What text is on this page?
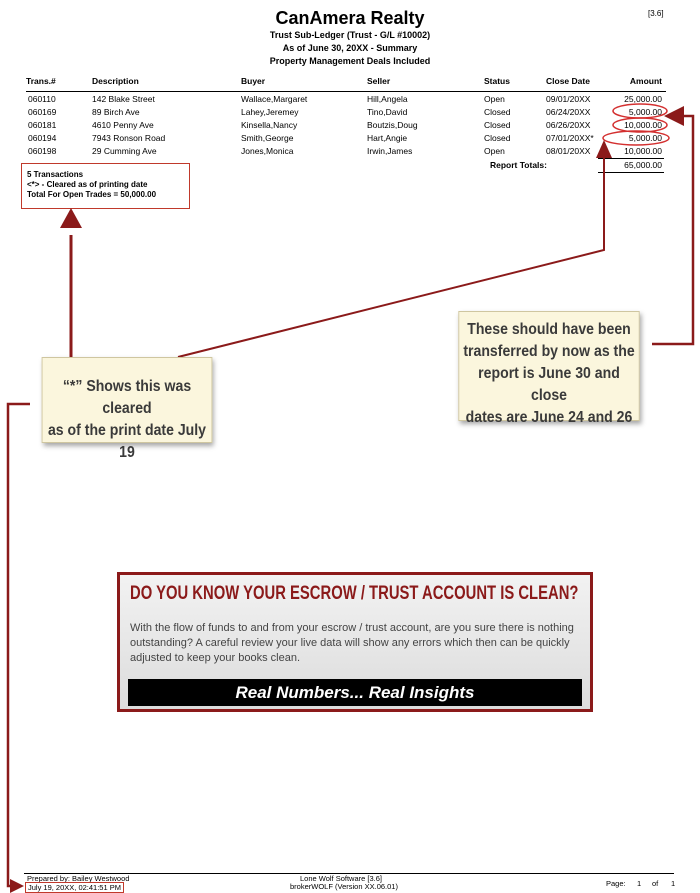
[3.6]
CanAmera Realty
Trust Sub-Ledger (Trust - G/L #10002)
As of June 30, 20XX - Summary
Property Management Deals Included
Trans.#	Description	Buyer	Seller	Status	Close Date	Amount
060110	142 Blake Street	Wallace,Margaret	Hill,Angela	Open	09/01/20XX	25,000.00
060169	89 Birch Ave	Lahey,Jeremey	Tino,David	Closed	06/24/20XX	5,000.00
060181	4610 Penny Ave	Kinsella,Nancy	Boutzis,Doug	Closed	06/26/20XX	10,000.00
060194	7943 Ronson Road	Smith,George	Hart,Angie	Closed	07/01/20XX*	5,000.00
060198	29 Cumming Ave	Jones,Monica	Irwin,James	Open	08/01/20XX	10,000.00
Report Totals:	65,000.00
5 Transactions
<*> - Cleared as of printing date
Total For Open Trades = 50,000.00
“*” Shows this was cleared
as of the print date July 19
These should have been
transferred by now as the
report is June 30 and close
dates are June 24 and 26
DO YOU KNOW YOUR ESCROW / TRUST ACCOUNT IS CLEAN?
With the flow of funds to and from your escrow / trust account, are you sure there is nothing outstanding? A careful review your live data will show any errors which then can be quickly adjusted to keep your books clean.
Real Numbers... Real Insights
Prepared by: Bailey Westwood
July 19, 20XX, 02:41:51 PM
Lone Wolf Software [3.6]
brokerWOLF (Version XX.06.01)	Page: 1 of 1
